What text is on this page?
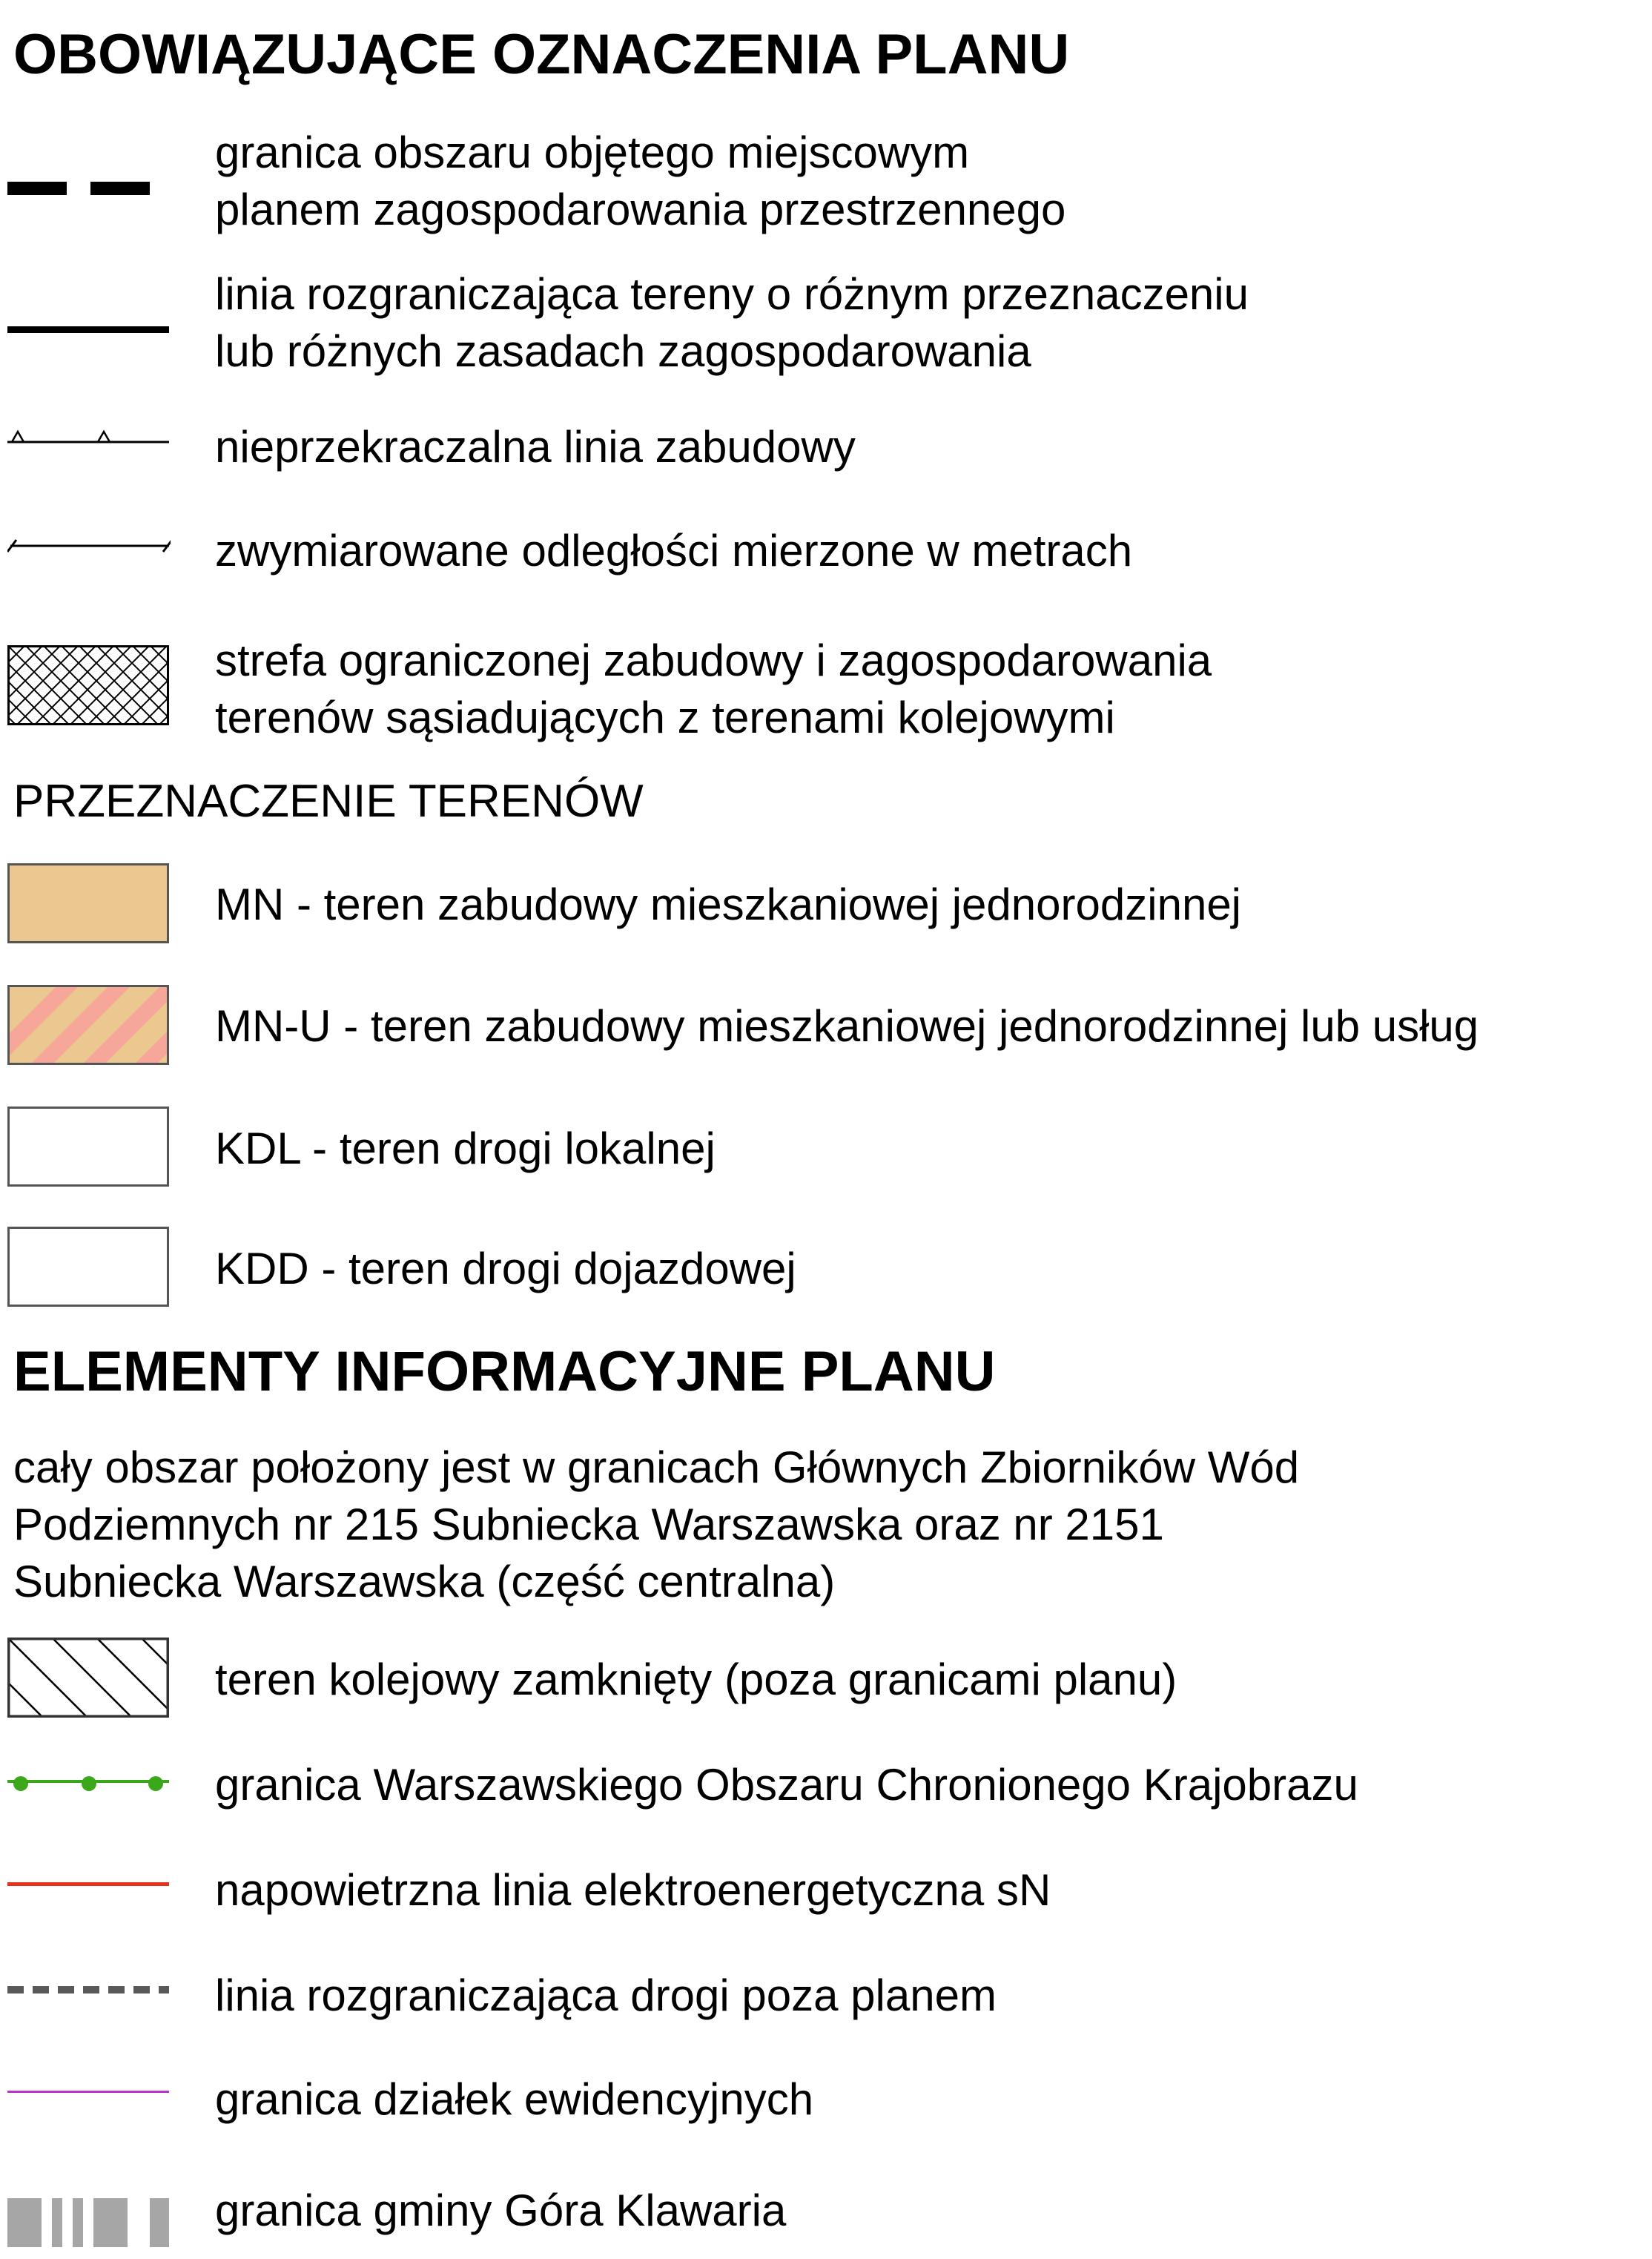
OBOWIĄZUJĄCE OZNACZENIA PLANU
granica obszaru objętego miejscowym
planem zagospodarowania przestrzennego
linia rozgraniczająca tereny o różnym przeznaczeniu
lub różnych zasadach zagospodarowania
nieprzekraczalna linia zabudowy
zwymiarowane odległości mierzone w metrach
strefa ograniczonej zabudowy i zagospodarowania
terenów sąsiadujących z terenami kolejowymi
PRZEZNACZENIE TERENÓW
MN - teren zabudowy mieszkaniowej jednorodzinnej
MN-U - teren zabudowy mieszkaniowej jednorodzinnej lub usług
KDL - teren drogi lokalnej
KDD - teren drogi dojazdowej
ELEMENTY INFORMACYJNE PLANU
cały obszar położony jest w granicach Głównych Zbiorników Wód
Podziemnych nr 215 Subniecka Warszawska oraz nr 2151
Subniecka Warszawska (część centralna)
teren kolejowy zamknięty (poza granicami planu)
granica Warszawskiego Obszaru Chronionego Krajobrazu
napowietrzna linia elektroenergetyczna sN
linia rozgraniczająca drogi poza planem
granica działek ewidencyjnych
granica gminy Góra Klawaria
